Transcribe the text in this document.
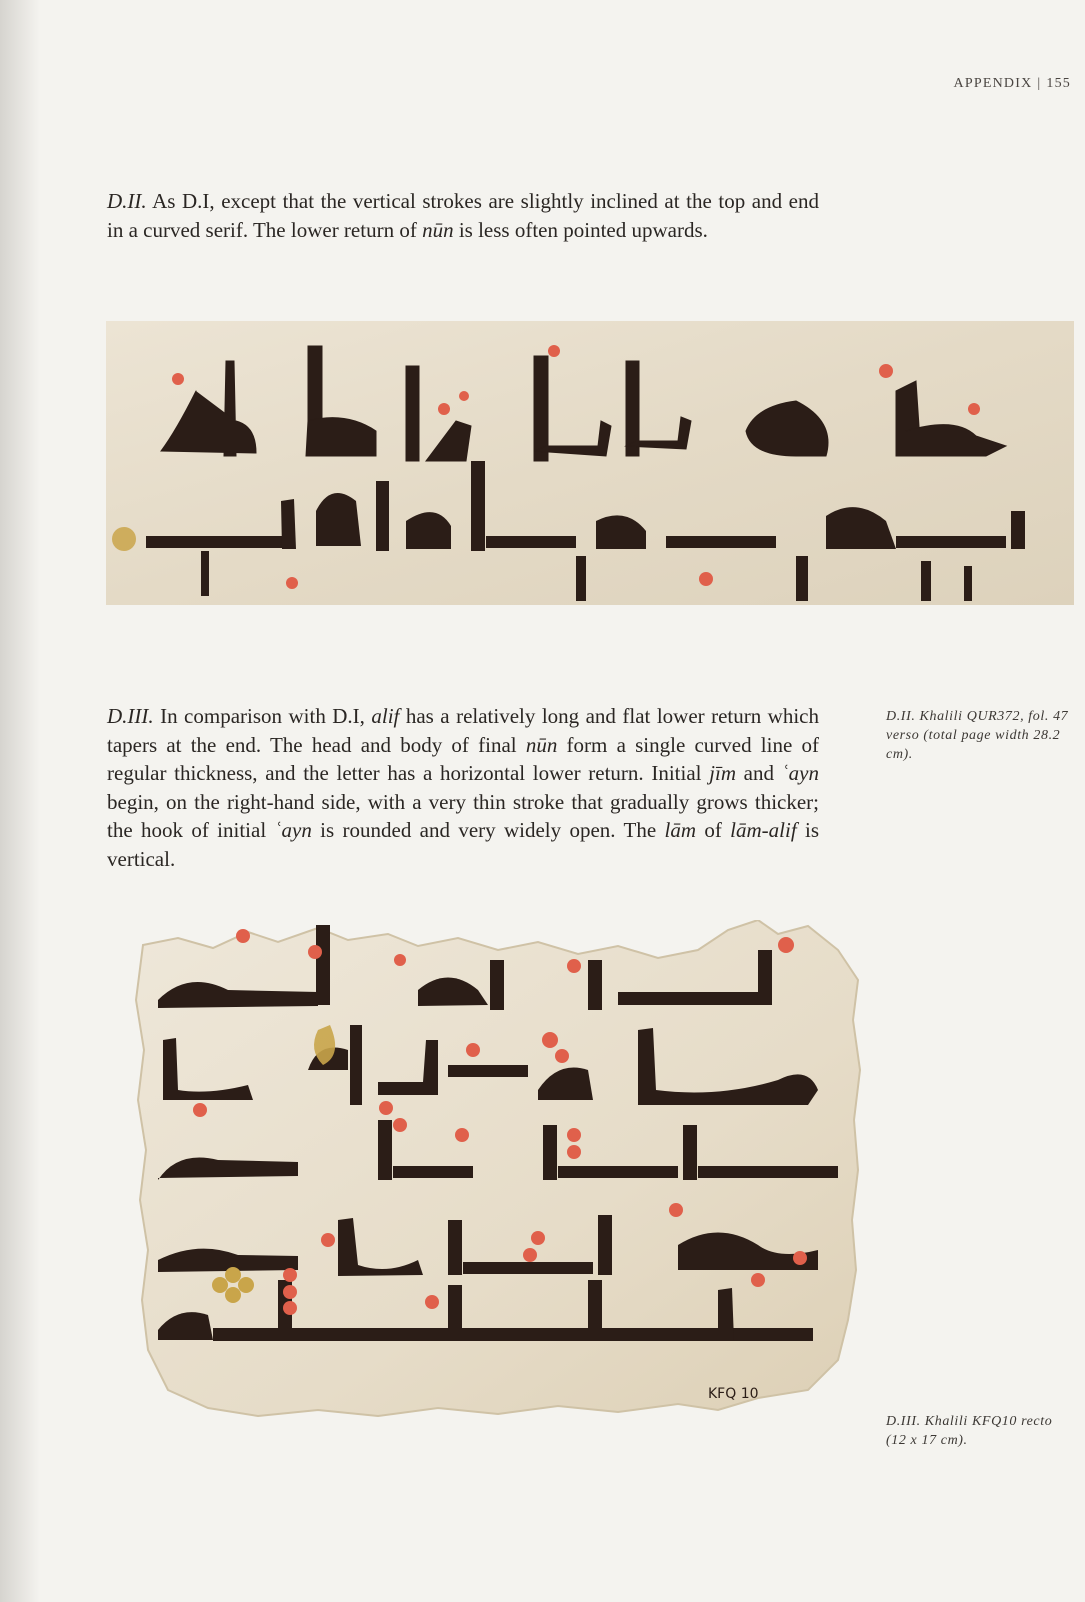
APPENDIX | 155

D.II. As D.I, except that the vertical strokes are slightly inclined at the top and end in a curved serif. The lower return of nūn is less often pointed upwards.

D.III. In comparison with D.I, alif has a relatively long and flat lower return which tapers at the end. The head and body of final nūn form a single curved line of regular thickness, and the letter has a horizontal lower return. Initial jīm and ʿayn begin, on the right-hand side, with a very thin stroke that gradually grows thicker; the hook of initial ʿayn is rounded and very widely open. The lām of lām-alif is vertical.

D.II. Khalili QUR372, fol. 47 verso (total page width 28.2 cm).
KFQ 10
D.III. Khalili KFQ10 recto (12 x 17 cm).
